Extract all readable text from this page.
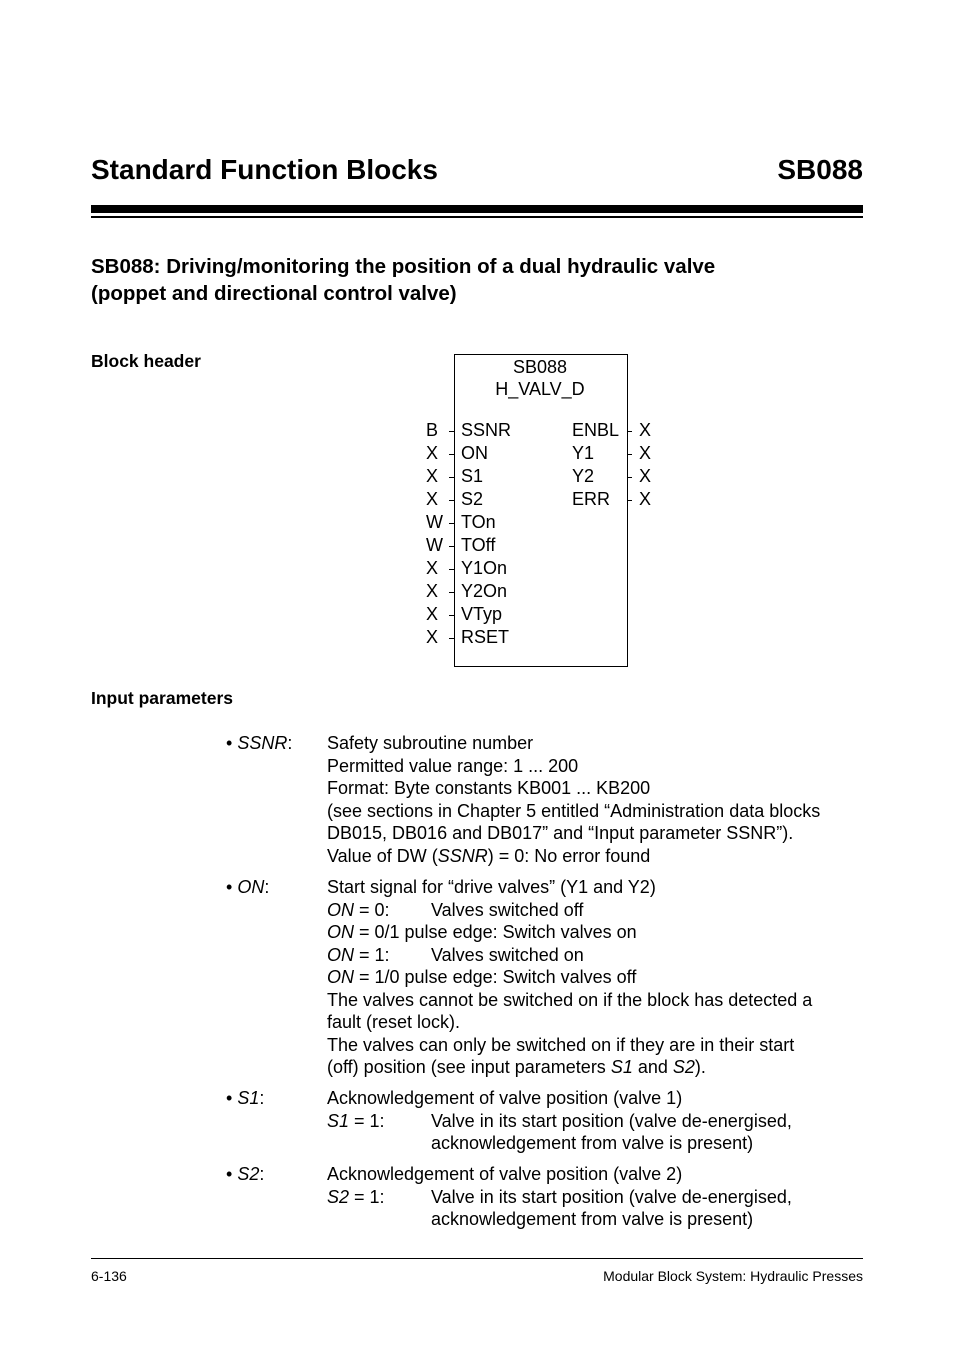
Standard Function Blocks	SB088
SB088: Driving/monitoring the position of a dual hydraulic valve
(poppet and directional control valve)
Block header	SB088
H_VALV_D
B SSNR
X ON
X S1
X S2
W TOn
W TOff
X Y1On
X Y2On
X VTyp
X RSET
ENBL X
Y1 X
Y2 X
ERR X
Input parameters
• SSNR: Safety subroutine number
Permitted value range: 1 ... 200
Format: Byte constants KB001 ... KB200
(see sections in Chapter 5 entitled “Administration data blocks
DB015, DB016 and DB017” and “Input parameter SSNR”).
Value of DW (SSNR) = 0: No error found
• ON:	Start signal for “drive valves” (Y1 and Y2)
ON = 0: Valves switched off
ON = 0/1 pulse edge: Switch valves on
ON = 1: Valves switched on
ON = 1/0 pulse edge: Switch valves off
The valves cannot be switched on if the block has detected a
fault (reset lock).
The valves can only be switched on if they are in their start
(off) position (see input parameters S1 and S2).
• S1:	Acknowledgement of valve position (valve 1)
S1 = 1:	Valve in its start position (valve de-energised,
acknowledgement from valve is present)
• S2:	Acknowledgement of valve position (valve 2)
S2 = 1:	Valve in its start position (valve de-energised,
acknowledgement from valve is present)
6-136	Modular Block System: Hydraulic Presses
